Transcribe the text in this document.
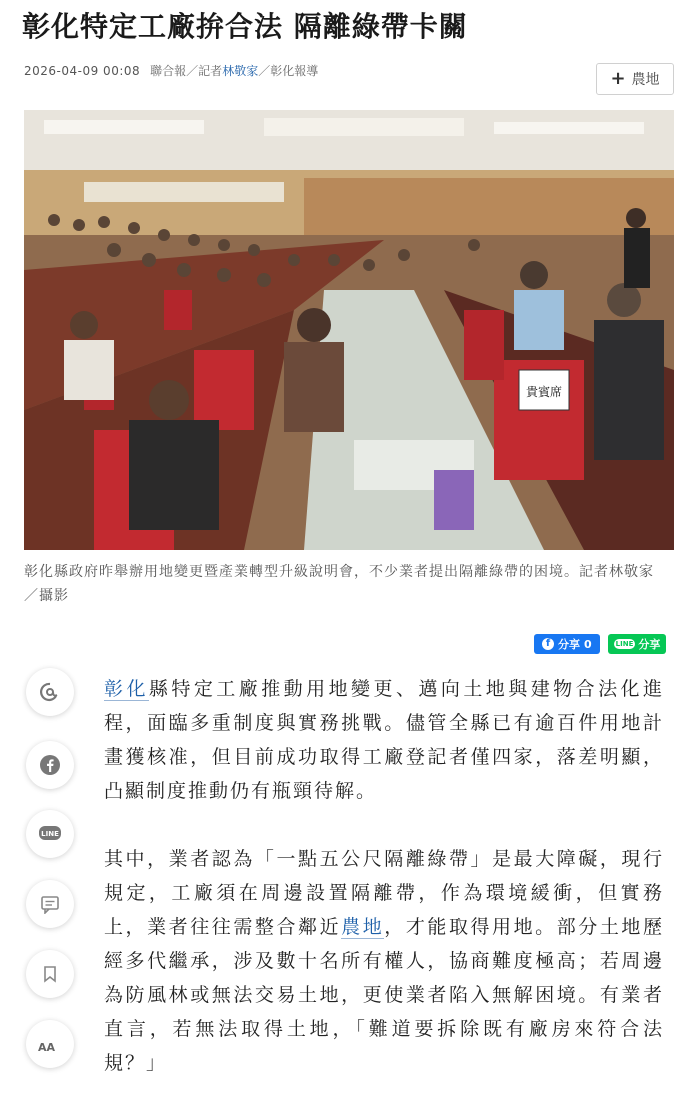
彰化特定工廠拚合法 隔離綠帶卡關
2026-04-09 00:08 聯合報 ／ 記者 林敬家 ／ 彰化報導	+ 農地
貴賓席
彰化縣政府昨舉辦用地變更暨產業轉型升級說明會，不少業者提出隔離綠帶的困境。記者林敬家／攝影
f 分享 0	LINE 分享
LINE
AA

彰化縣特定工廠推動用地變更、邁向土地與建物合法化進程，面臨多重制度與實務挑戰。儘管全縣已有逾百件用地計畫獲核准，但目前成功取得工廠登記者僅四家，落差明顯，凸顯制度推動仍有瓶頸待解。

其中，業者認為「一點五公尺隔離綠帶」是最大障礙，現行規定，工廠須在周邊設置隔離帶，作為環境緩衝，但實務上，業者往往需整合鄰近農地，才能取得用地。部分土地歷經多代繼承，涉及數十名所有權人，協商難度極高；若周邊為防風林或無法交易土地，更使業者陷入無解困境。有業者直言，若無法取得土地，「難道要拆除既有廠房來符合法規？」
